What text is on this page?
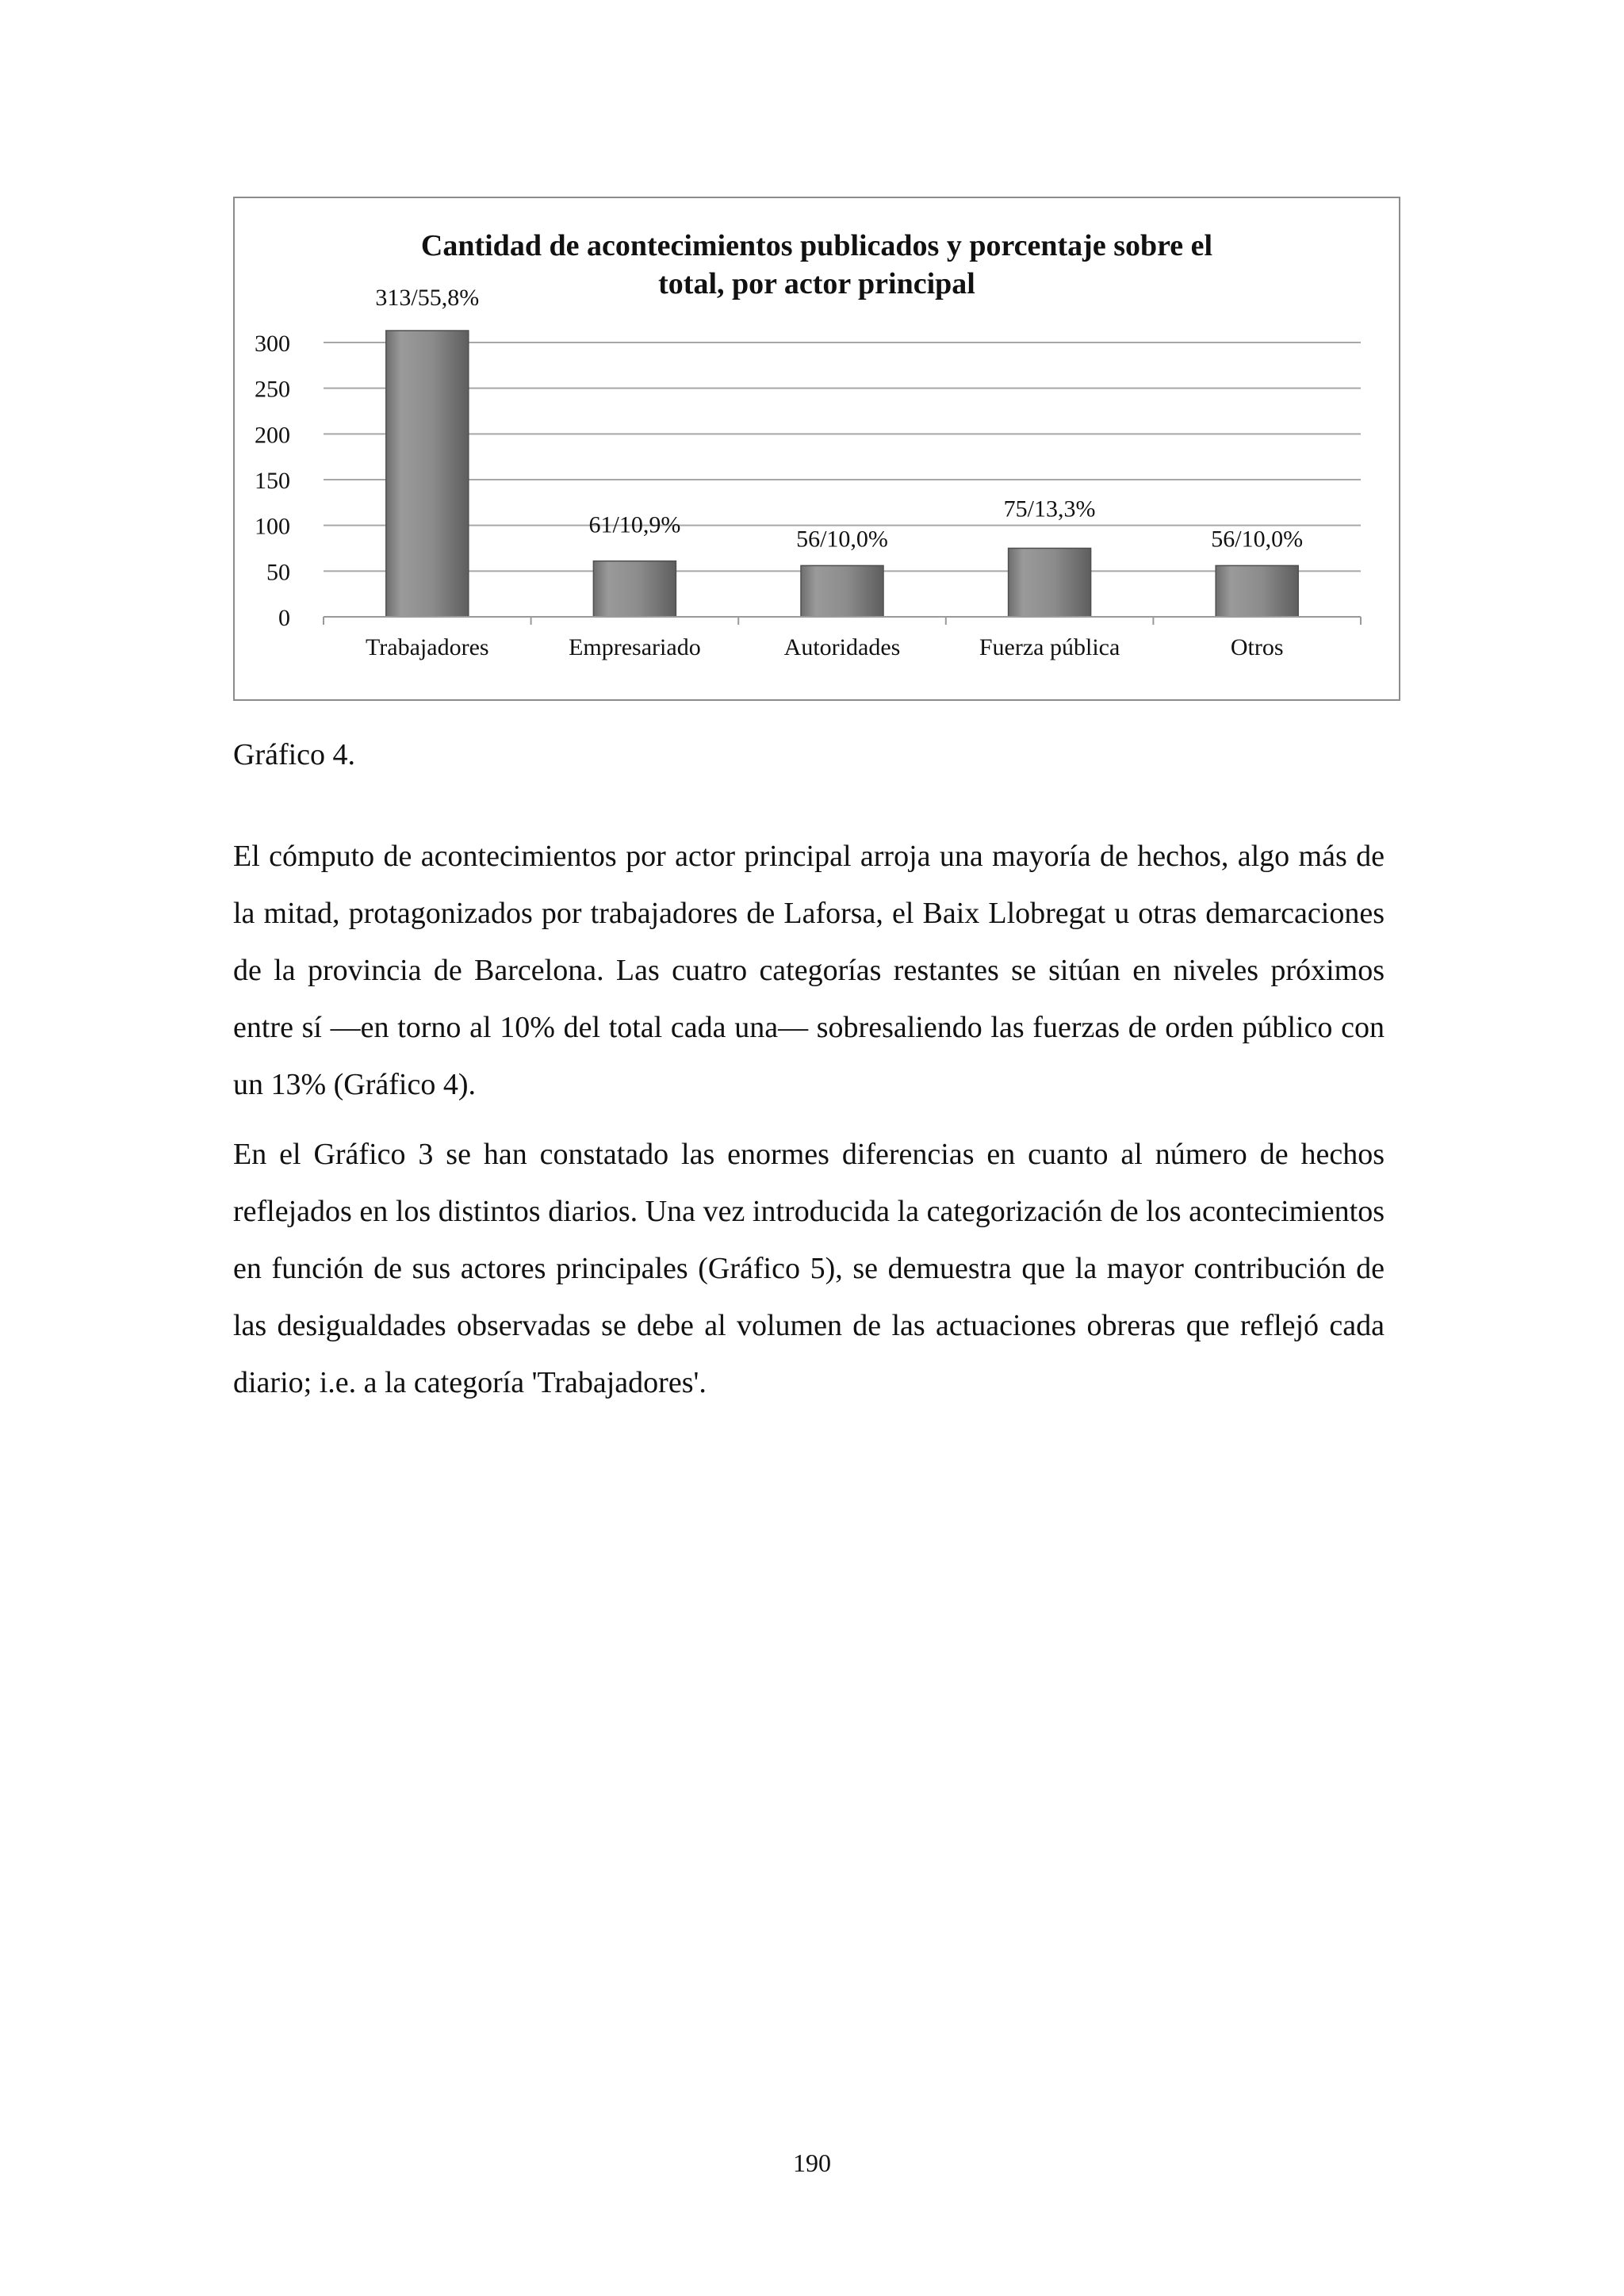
Cantidad de acontecimientos publicados y porcentaje sobre el
total, por actor principal
313/55,8%
61/10,9%
56/10,0%
75/13,3%
56/10,0%
0
50
100
150
200
250
300
Trabajadores	Empresariado	Autoridades	Fuerza pública	Otros
Gráfico 4.

El cómputo de acontecimientos por actor principal arroja una mayoría de hechos, algo más de la mitad, protagonizados por trabajadores de Laforsa, el Baix Llobregat u otras demarcaciones de la provincia de Barcelona. Las cuatro categorías restantes se sitúan en niveles próximos entre sí —en torno al 10% del total cada una— sobresaliendo las fuerzas de orden público con un 13% (Gráfico 4).

En el Gráfico 3 se han constatado las enormes diferencias en cuanto al número de hechos reflejados en los distintos diarios. Una vez introducida la categorización de los acontecimientos en función de sus actores principales (Gráfico 5), se demuestra que la mayor contribución de las desigualdades observadas se debe al volumen de las actuaciones obreras que reflejó cada diario; i.e. a la categoría 'Trabajadores'.

190
